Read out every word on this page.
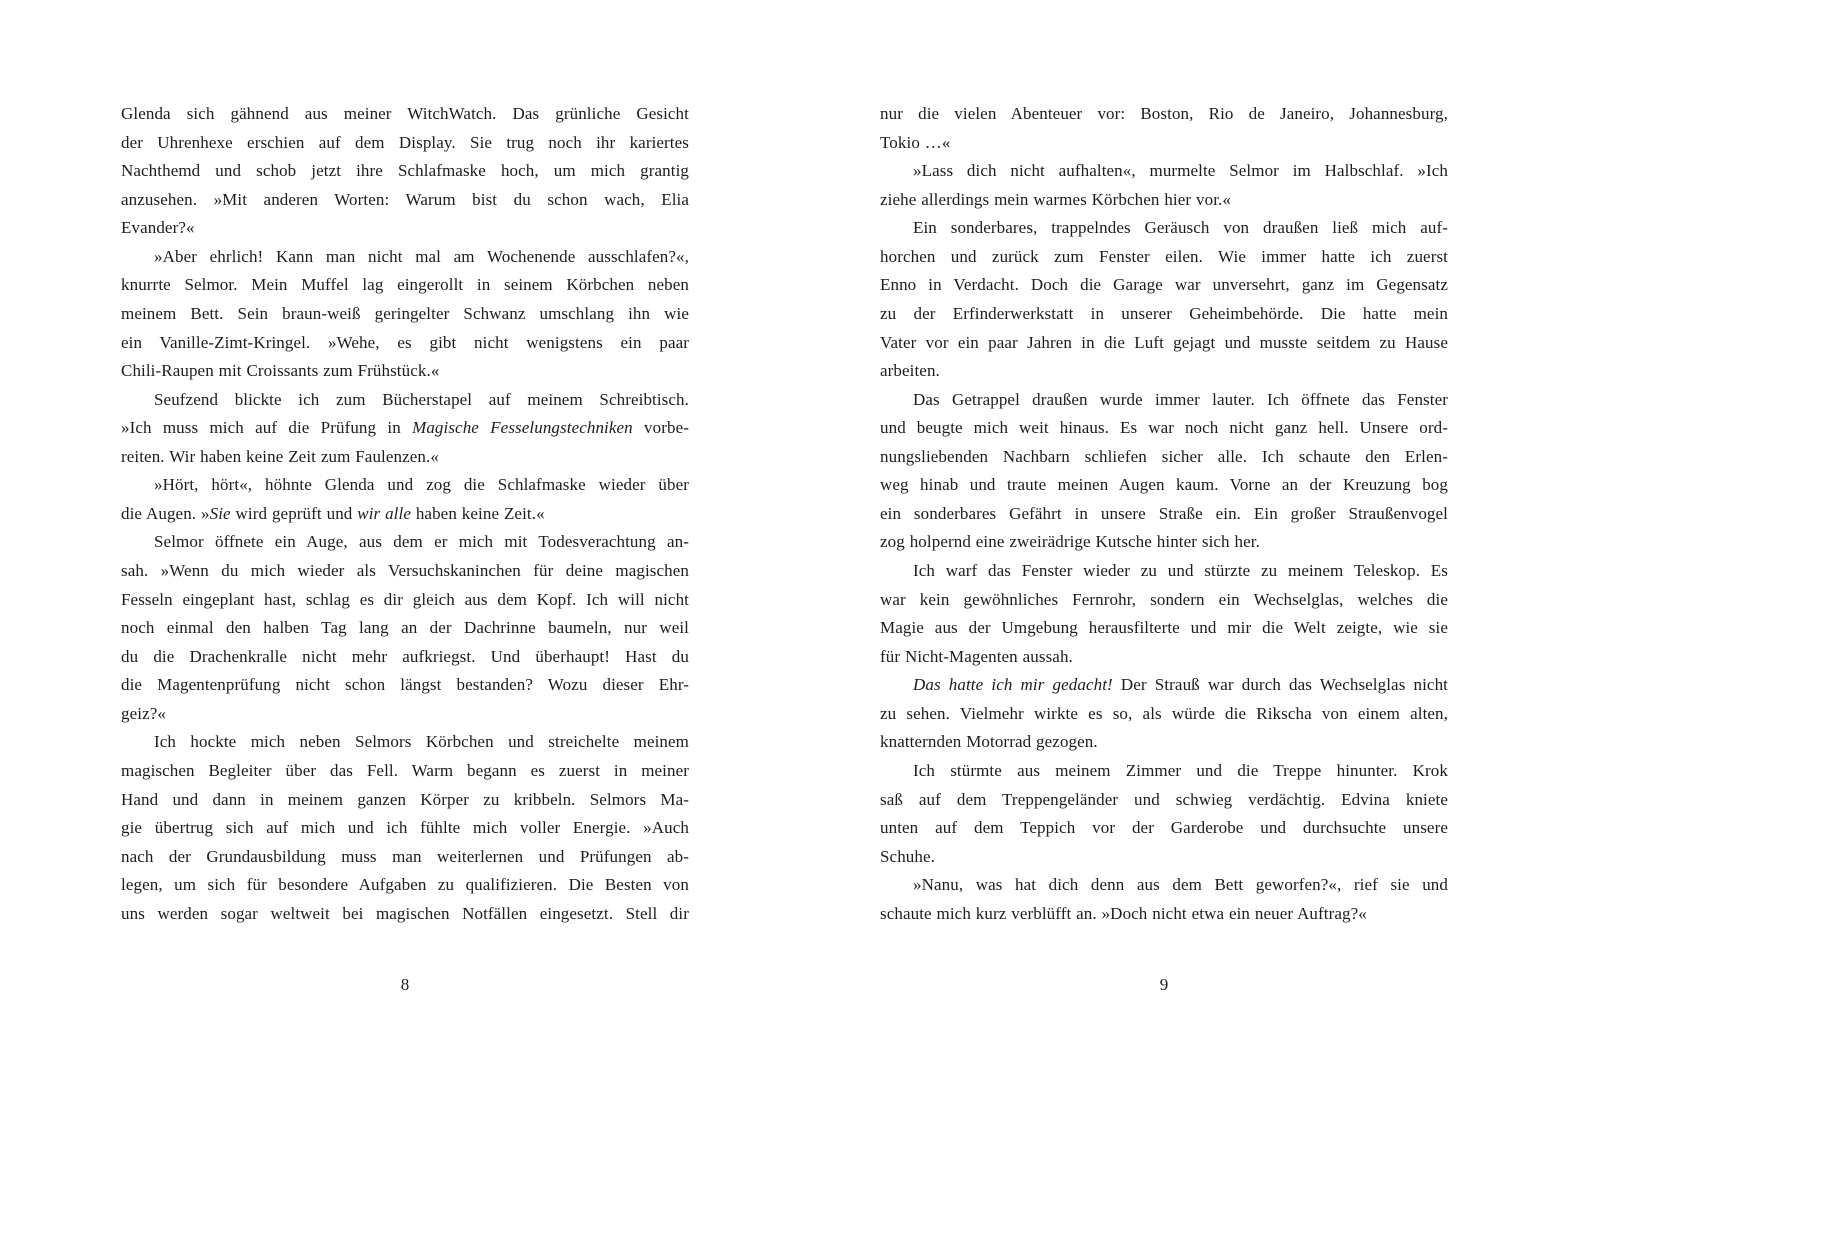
Glenda sich gähnend aus meiner WitchWatch. Das grünliche Gesicht
der Uhrenhexe erschien auf dem Display. Sie trug noch ihr kariertes
Nachthemd und schob jetzt ihre Schlafmaske hoch, um mich grantig
anzusehen. »Mit anderen Worten: Warum bist du schon wach, Elia
Evander?«
»Aber ehrlich! Kann man nicht mal am Wochenende ausschlafen?«,
knurrte Selmor. Mein Muffel lag eingerollt in seinem Körbchen neben
meinem Bett. Sein braun-weiß geringelter Schwanz umschlang ihn wie
ein Vanille-Zimt-Kringel. »Wehe, es gibt nicht wenigstens ein paar
Chili-Raupen mit Croissants zum Frühstück.«
Seufzend blickte ich zum Bücherstapel auf meinem Schreibtisch.
»Ich muss mich auf die Prüfung in Magische Fesselungstechniken vorbe-
reiten. Wir haben keine Zeit zum Faulenzen.«
»Hört, hört«, höhnte Glenda und zog die Schlafmaske wieder über
die Augen. »Sie wird geprüft und wir alle haben keine Zeit.«
Selmor öffnete ein Auge, aus dem er mich mit Todesverachtung an-
sah. »Wenn du mich wieder als Versuchskaninchen für deine magischen
Fesseln eingeplant hast, schlag es dir gleich aus dem Kopf. Ich will nicht
noch einmal den halben Tag lang an der Dachrinne baumeln, nur weil
du die Drachenkralle nicht mehr aufkriegst. Und überhaupt! Hast du
die Magentenprüfung nicht schon längst bestanden? Wozu dieser Ehr-
geiz?«
Ich hockte mich neben Selmors Körbchen und streichelte meinem
magischen Begleiter über das Fell. Warm begann es zuerst in meiner
Hand und dann in meinem ganzen Körper zu kribbeln. Selmors Ma-
gie übertrug sich auf mich und ich fühlte mich voller Energie. »Auch
nach der Grundausbildung muss man weiterlernen und Prüfungen ab-
legen, um sich für besondere Aufgaben zu qualifizieren. Die Besten von
uns werden sogar weltweit bei magischen Notfällen eingesetzt. Stell dir
8
nur die vielen Abenteuer vor: Boston, Rio de Janeiro, Johannesburg,
Tokio …«
»Lass dich nicht aufhalten«, murmelte Selmor im Halbschlaf. »Ich
ziehe allerdings mein warmes Körbchen hier vor.«
Ein sonderbares, trappelndes Geräusch von draußen ließ mich auf-
horchen und zurück zum Fenster eilen. Wie immer hatte ich zuerst
Enno in Verdacht. Doch die Garage war unversehrt, ganz im Gegensatz
zu der Erfinderwerkstatt in unserer Geheimbehörde. Die hatte mein
Vater vor ein paar Jahren in die Luft gejagt und musste seitdem zu Hause
arbeiten.
Das Getrappel draußen wurde immer lauter. Ich öffnete das Fenster
und beugte mich weit hinaus. Es war noch nicht ganz hell. Unsere ord-
nungsliebenden Nachbarn schliefen sicher alle. Ich schaute den Erlen-
weg hinab und traute meinen Augen kaum. Vorne an der Kreuzung bog
ein sonderbares Gefährt in unsere Straße ein. Ein großer Straußenvogel
zog holpernd eine zweirädrige Kutsche hinter sich her.
Ich warf das Fenster wieder zu und stürzte zu meinem Teleskop. Es
war kein gewöhnliches Fernrohr, sondern ein Wechselglas, welches die
Magie aus der Umgebung herausfilterte und mir die Welt zeigte, wie sie
für Nicht-Magenten aussah.
Das hatte ich mir gedacht! Der Strauß war durch das Wechselglas nicht
zu sehen. Vielmehr wirkte es so, als würde die Rikscha von einem alten,
knatternden Motorrad gezogen.
Ich stürmte aus meinem Zimmer und die Treppe hinunter. Krok
saß auf dem Treppengeländer und schwieg verdächtig. Edvina kniete
unten auf dem Teppich vor der Garderobe und durchsuchte unsere
Schuhe.
»Nanu, was hat dich denn aus dem Bett geworfen?«, rief sie und
schaute mich kurz verblüfft an. »Doch nicht etwa ein neuer Auftrag?«
9
